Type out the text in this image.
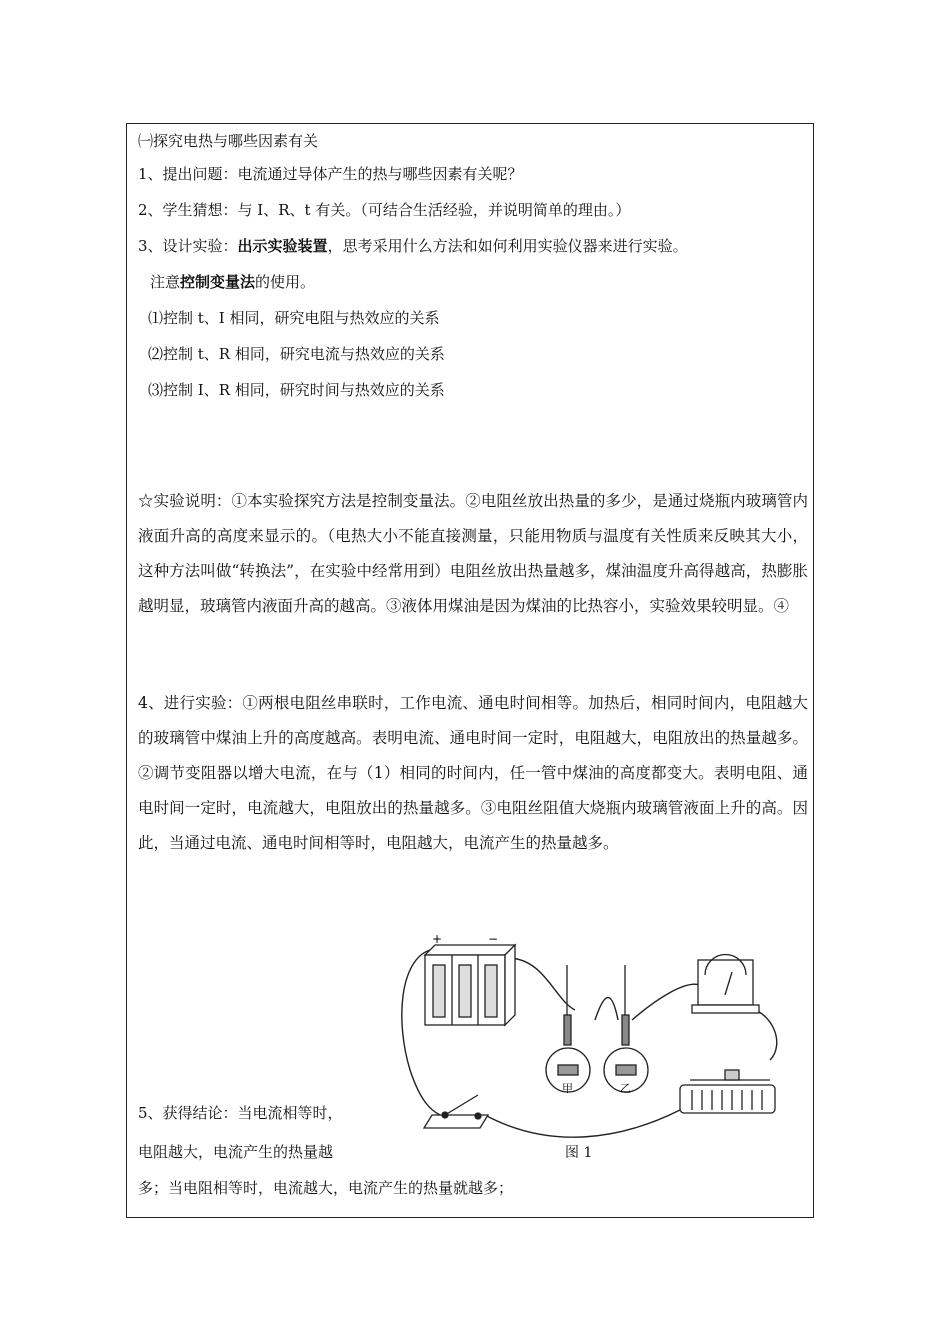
㈠探究电热与哪些因素有关
1、提出问题：电流通过导体产生的热与哪些因素有关呢？
2、学生猜想：与 I、R、t 有关。（可结合生活经验，并说明简单的理由。）
3、设计实验：出示实验装置，思考采用什么方法和如何利用实验仪器来进行实验。
注意控制变量法的使用。
⑴控制 t、I 相同，研究电阻与热效应的关系
⑵控制 t、R 相同，研究电流与热效应的关系
⑶控制 I、R 相同，研究时间与热效应的关系
☆实验说明：①本实验探究方法是控制变量法。②电阻丝放出热量的多少，是通过烧瓶内玻璃管内液面升高的高度来显示的。（电热大小不能直接测量，只能用物质与温度有关性质来反映其大小，这种方法叫做“转换法”，在实验中经常用到）电阻丝放出热量越多，煤油温度升高得越高，热膨胀越明显，玻璃管内液面升高的越高。③液体用煤油是因为煤油的比热容小，实验效果较明显。④
4、进行实验：①两根电阻丝串联时，工作电流、通电时间相等。加热后，相同时间内，电阻越大的玻璃管中煤油上升的高度越高。表明电流、通电时间一定时，电阻越大，电阻放出的热量越多。②调节变阻器以增大电流，在与（1）相同的时间内，任一管中煤油的高度都变大。表明电阻、通电时间一定时，电流越大，电阻放出的热量越多。③电阻丝阻值大烧瓶内玻璃管液面上升的高。因此，当通过电流、通电时间相等时，电阻越大，电流产生的热量越多。
5、获得结论：当电流相等时，
电阻越大，电流产生的热量越
多；当电阻相等时，电流越大，电流产生的热量就越多；
+	−
甲	乙
图 1
